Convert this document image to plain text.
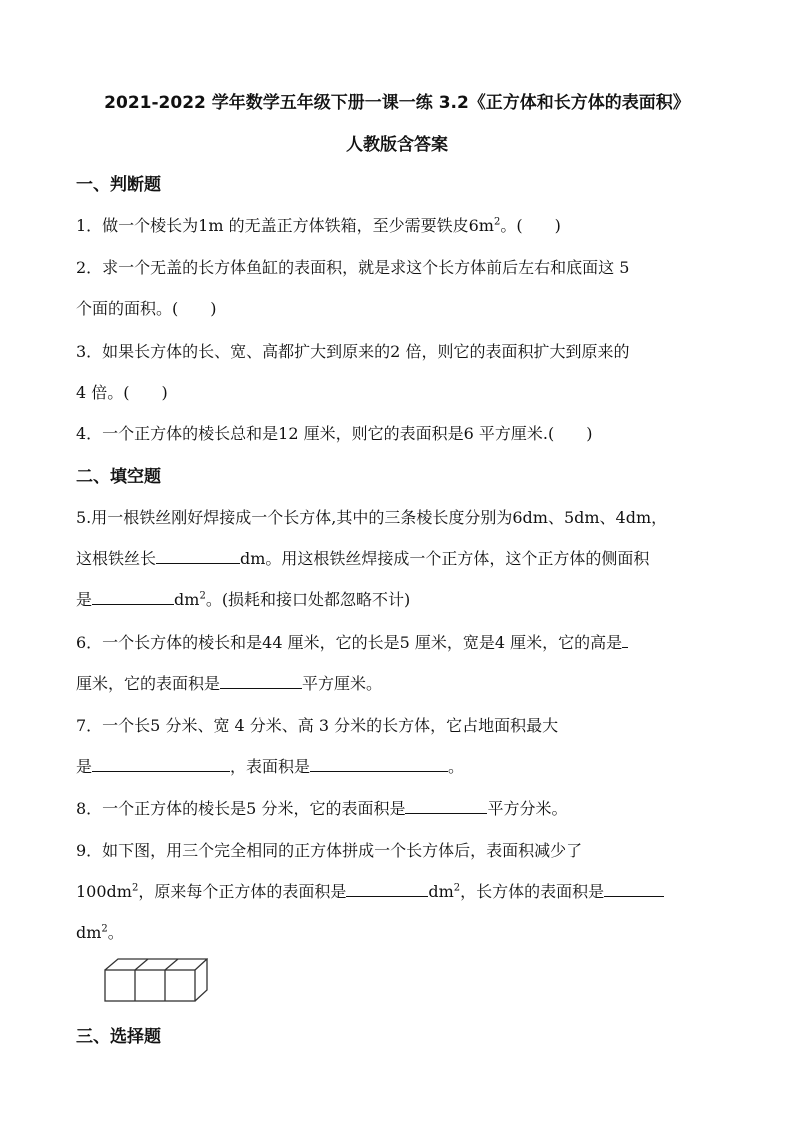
2021-2022 学年数学五年级下册一课一练 3.2《正方体和长方体的表面积》
人教版含答案
一、判断题
1．做一个棱长为1m 的无盖正方体铁箱，至少需要铁皮$6m^2$。(　　)
2．求一个无盖的长方体鱼缸的表面积，就是求这个长方体前后左右和底面这 5
个面的面积。(　　)
3．如果长方体的长、宽、高都扩大到原来的2 倍，则它的表面积扩大到原来的
4 倍。(　　)
4．一个正方体的棱长总和是12 厘米，则它的表面积是6 平方厘米.(　　)
二、填空题
5.用一根铁丝刚好焊接成一个长方体,其中的三条棱长度分别为6dm、5dm、4dm，
这根铁丝长	dm。用这根铁丝焊接成一个正方体，这个正方体的侧面积
是	$dm^2$。(损耗和接口处都忽略不计)
6．一个长方体的棱长和是44 厘米，它的长是5 厘米，宽是4 厘米，它的高是
厘米，它的表面积是	平方厘米。
7．一个长5 分米、宽 4 分米、高 3 分米的长方体，它占地面积最大
是	，表面积是	。
8．一个正方体的棱长是5 分米，它的表面积是	平方分米。
9．如下图，用三个完全相同的正方体拼成一个长方体后，表面积减少了
$100dm^2$，原来每个正方体的表面积是	$dm^2$，长方体的表面积是
$dm^2$。
三、选择题
